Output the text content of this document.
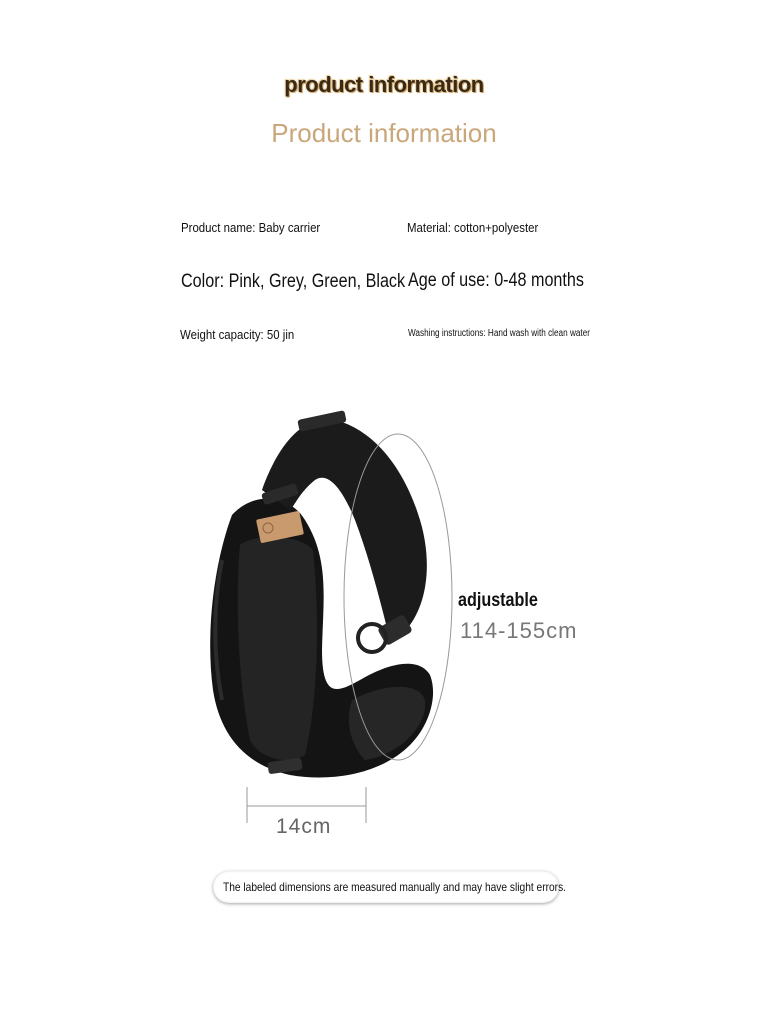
product information
Product information
Product name: Baby carrier	Material: cotton+polyester
Color: Pink, Grey, Green, Black Age of use: 0-48 months
Weight capacity: 50 jin	Washing instructions: Hand wash with clean water
adjustable
114-155cm
14cm
The labeled dimensions are measured manually and may have slight errors.
